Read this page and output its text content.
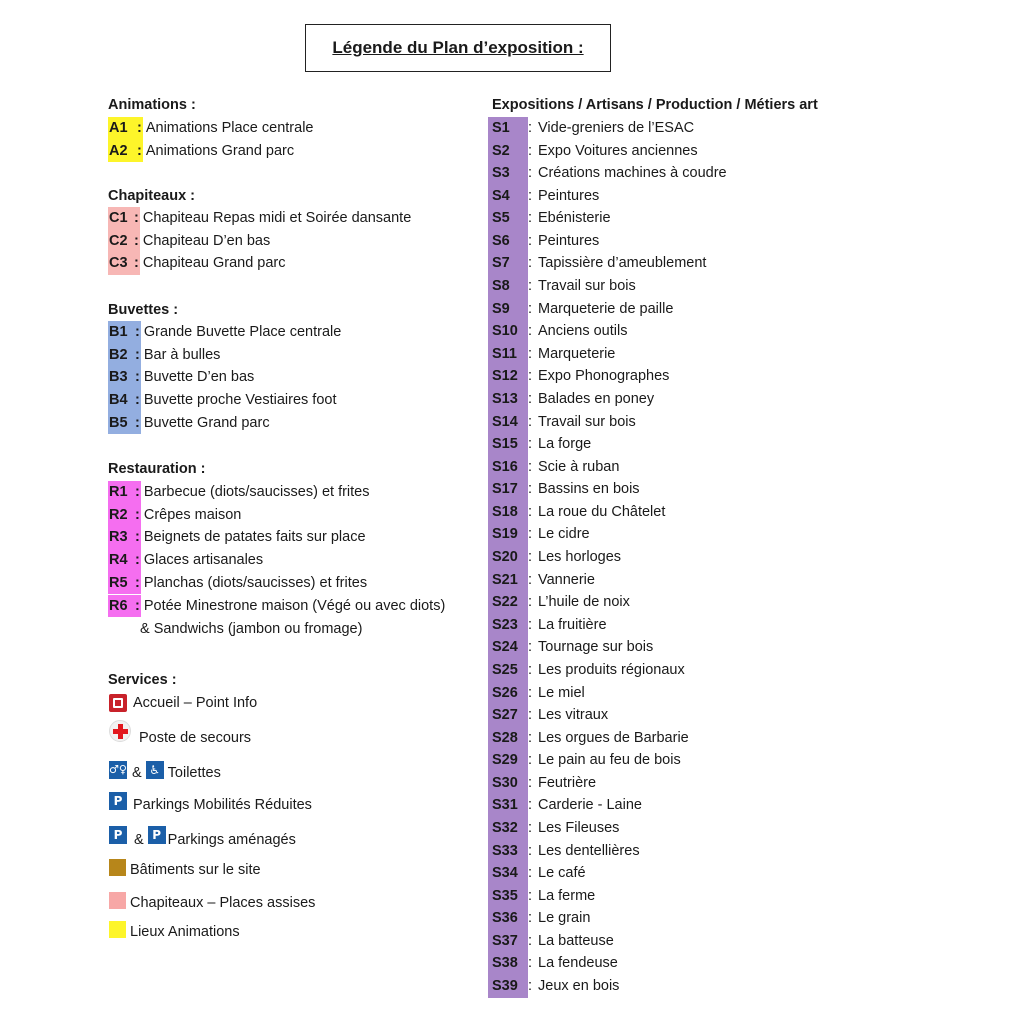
Légende du Plan d’exposition :
Animations :
A1 : Animations Place centrale
A2 : Animations Grand parc
Chapiteaux :
C1 : Chapiteau Repas midi et Soirée dansante
C2 : Chapiteau D’en bas
C3 : Chapiteau Grand parc
Buvettes :
B1 : Grande Buvette Place centrale
B2 : Bar à bulles
B3 : Buvette D’en bas
B4 : Buvette proche Vestiaires foot
B5 : Buvette Grand parc
Restauration :
R1 : Barbecue (diots/saucisses) et frites
R2 : Crêpes maison
R3 : Beignets de patates faits sur place
R4 : Glaces artisanales
R5 : Planchas (diots/saucisses) et frites
R6 : Potée Minestrone maison (Végé ou avec diots)
& Sandwichs (jambon ou fromage)
Services :
Accueil – Point Info
Poste de secours
♂♀ & ♿ Toilettes
P Parkings Mobilités Réduites
P & P Parkings aménagés
Bâtiments sur le site
Chapiteaux – Places assises
Lieux Animations
Expositions / Artisans / Production / Métiers art
S1	: Vide-greniers de l’ESAC
S2	: Expo Voitures anciennes
S3	: Créations machines à coudre
S4	: Peintures
S5	: Ebénisterie
S6	: Peintures
S7	: Tapissière d’ameublement
S8	: Travail sur bois
S9	: Marqueterie de paille
S10 : Anciens outils
S11 : Marqueterie
S12 : Expo Phonographes
S13 : Balades en poney
S14 : Travail sur bois
S15 : La forge
S16 : Scie à ruban
S17 : Bassins en bois
S18 : La roue du Châtelet
S19 : Le cidre
S20 : Les horloges
S21 : Vannerie
S22 : L’huile de noix
S23 : La fruitière
S24 : Tournage sur bois
S25 : Les produits régionaux
S26 : Le miel
S27 : Les vitraux
S28 : Les orgues de Barbarie
S29 : Le pain au feu de bois
S30 : Feutrière
S31 : Carderie - Laine
S32 : Les Fileuses
S33 : Les dentellières
S34 : Le café
S35 : La ferme
S36 : Le grain
S37 : La batteuse
S38 : La fendeuse
S39 : Jeux en bois
